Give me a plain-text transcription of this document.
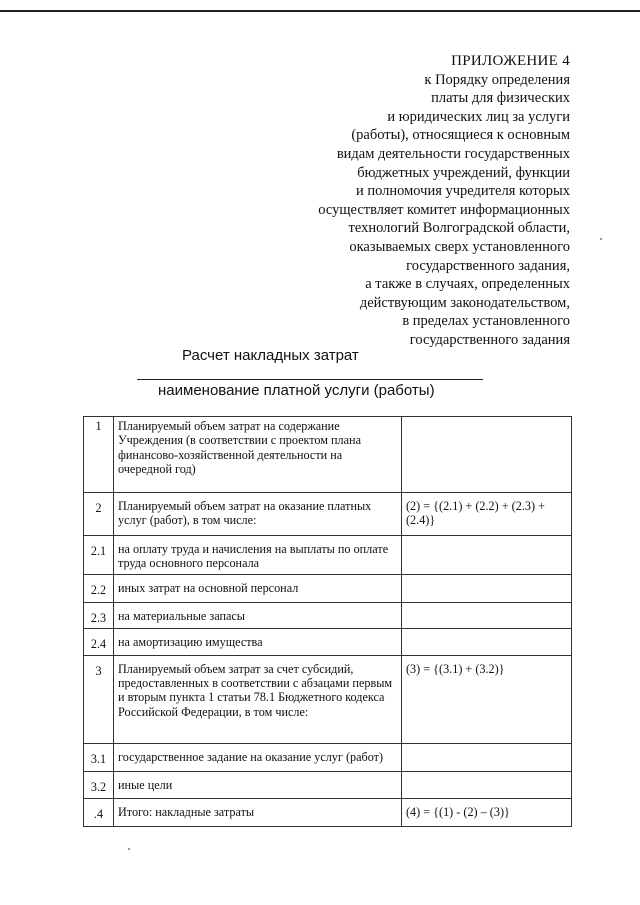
ПРИЛОЖЕНИЕ 4
к Порядку определения
платы для физических
и юридических лиц за услуги
(работы), относящиеся к основным
видам деятельности государственных
бюджетных учреждений, функции
и полномочия учредителя которых
осуществляет комитет информационных
технологий Волгоградской области,
оказываемых сверх установленного
государственного задания,
а также в случаях, определенных
действующим законодательством,
в пределах установленного
государственного задания
Расчет накладных затрат
наименование платной услуги (работы)
1	Планируемый объем затрат на содержание Учреждения (в соответствии с проектом плана финансово-хозяйственной деятельности на очередной год)	
2	Планируемый объем затрат на оказание платных услуг (работ), в том числе:	(2) = {(2.1) + (2.2) + (2.3) + (2.4)}
2.1	на оплату труда и начисления на выплаты по оплате труда основного персонала	
2.2	иных затрат на основной персонал	
2.3	на материальные запасы	
2.4	на амортизацию имущества	
3	Планируемый объем затрат за счет субсидий, предоставленных в соответствии с абзацами первым и вторым пункта 1 статьи 78.1 Бюджетного кодекса Российской Федерации, в том числе:	(3) = {(3.1) + (3.2)}
3.1	государственное задание на оказание услуг (работ)	
3.2	иные цели	
.4	Итого: накладные затраты	(4) = {(1) - (2) – (3)}
